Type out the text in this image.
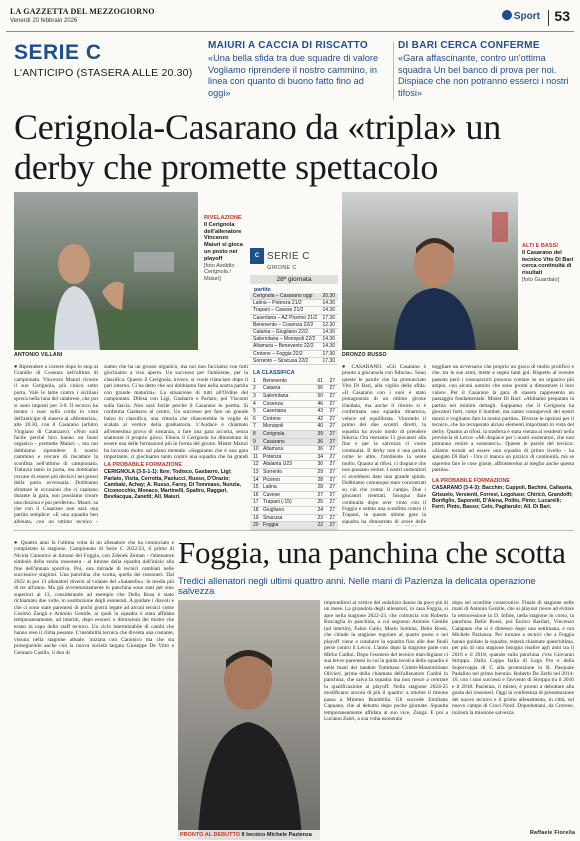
LA GAZZETTA DEL MEZZOGIORNO
Venerdì 20 febbraio 2026	Sport 53
SERIE C
L'ANTICIPO (STASERA ALLE 20.30)
MAIURI A CACCIA DI RISCATTO
«Una bella sfida tra due squadre di valore Vogliamo riprendere il nostro cammino, in linea con quanto di buono fatto fino ad oggi»
DI BARI CERCA CONFERME
«Gara affascinante, contro un'ottima squadra Un bel banco di prova per noi. Dispiace che non potranno esserci i nostri tifosi»
Cerignola-Casarano da «tripla» un derby che promette spettacolo
ANTONIO VILLANI
RIVELAZIONE
Il Cerignola dell'allenatore Vincenzo Maiuri si gioca un posto nei playoff
[foto Asdidio Cerignola / Maiuri]
C SERIE C
GIRONE C
28ª giornata
partite
Cerignola – Casarano oggi 20.30
Latina – Potenza 21/2	14.30
Trapani – Cavese 21/2	14.30
Casertana – AZ Picerno 21/2 17.30
Benevento – Cosenza 22/2 12.30
Catania – Giugliano 22/2	14.30
Salernitana – Monopoli 22/2 14.30
Altamura – Benevento 22/2 14.30
Crotone – Foggia 22/2	17.30
Sorrento – Siracusa 22/2	17.30
LA CLASSIFICA
1	Benevento	61	27
2	Catania	56	27
3	Salernitana	50	27
4	Cosenza	46	27
5	Casertana	43	27
6	Crotone	42	27
7	Monopoli	40	27
8	Cerignola	39	27
9	Casarano	36	27
10 Altamura	36	27
11 Potenza	34	27
12 Atalanta U23	30	27
13 Sorrento	29	27
14 Picerno	28	27
15 Latina	28	27
16 Cavese	27	27
17 Trapani (-15)	25	27
18 Giugliano	24	27
19 Siracusa	23	27
20 Foggia	22	27
DRONZO RUSSO
ALTI E BASSI
Il Casarano del tecnico Vito Di Bari cerca continuità di risultati
[foto Guardalo]

● Riprendere a correre dopo lo stop al Granillo di Cosenza nell'ultima di campionato. Vincenzo Maiuri rivuole il suo Cerignola, più cinico sotto porta. Vale le lame contro i siciliani spreca nella luna del calabrese, che poi si sono imposti per 3-0. Il tecnico ha tenuto i suoi sulla corda in vista dell'anticipo di stasera al «Monterisi», alle 20.30, con il Casarano (arbitro Vingiano di Catanzaro). «Non sarà facile perché loro hanno un buon organico - premette Maiuri -, ma noi dobbiamo riprendere il nostro cammino e cercare di riscattare la sconfitta nell'ultimo di campionato. Tuttavia tanto in porta, ma dobbiamo cercare di essere più decisivi nei pressi della porta avversaria. Dobbiamo sfruttare le occasioni che ci capitano durante la gara, non possiamo creare una dozzina e poi perderne». Mauri: sa che con il Casarano non sarà una partita semplice: «E una squadra ben allenata, con un ottimo tecnico -

siamo che ha un grosso organico, ma noi non facciamo con tutti giochiamo a viso aperto. Un successo per l'ambiente, per la classifica. Questo il Cerignola, invece, si vuole rilanciare dopo il pari interno. Ci ha detto che noi dobbiamo fare nella nostra partita con grande maturità». La situazione di tutti all'Ordine del campionato. Difesa con Ligi, Gasbarro e Parlato, poi Visconti sulla fascia. Non sarà facile perché il Casarano in partita. Si conferma Gasbarro al centro. Un successo per fare un grande balzo in classifica, una vittoria che rilancerebbe le voglie di scalata al vertice della graduatoria. L'Audace è chiamato all'ennesima prova di sostanza, a fare una gara accorta, senza snaturare il proprio gioco. Finora il Cerignola ha dimostrato di essere una delle formazioni più in forma del girone. Mister Maiuri ha lavorato molto sul piano mentale. «Sappiamo che è una gara importante, ci giochiamo tanto contro una squadra che ha grandi

LA PROBABILE FORMAZIONE
CERIGNOLA (3-5-1-1): Ibre; Todisco, Gasbarro, Ligi; Parlato, Visita, Cerrotta, Paolucci, Russo, D'Orazio; Cambaki, Achay; A. Russo, Faroy, Di Tommaso, Nunzia, Ciconocchio, Monaco, Martinelli, Spaltro, Raggari, Bevilacqua, Zanetti; All. Maiuri.

● CASARANO. «Gli Casarano è pronto a giocarsela con fiducia». Sono queste le parole che ha pronunciato Vito Di Bari, alla vigilia della sfida. «Il Casarano con i suoi è stato protagonista di un ottimo girone d'andata, ma anche il ritorno si è confermata una squadra dinamica, veloce ed equilibrata. Vincendo il primo dei due scontri diretti, la squadra ha avuto modo di prendere fiducia. Ora restiamo 11 giocatori alla fine e per la salvezza ci vuole continuità. Il derby non è una partita come le altre, l'ambiente la sente molto. Quanto ai tifosi, ci dispiace che non possano venire. I nostri sostenitori ci avrebbero dato una grande spinta. Dobbiamo comunque stare concentrati su ciò che conta: il campo. Due i giocatori rientrati, bisogna dare continuità dopo aver vinto con il Foggia e subito una sconfitta contro il Trapani, in queste ultime gare la squadra ha dimostrato di avere delle

toggliare un avversario che proprio un gioco di molto prolifico e che, tra le sue armi, mette a segno tanti gol. Rispetto al recente passato però i rossoazzurri possono contare su un organico più ampio, con alcuni uomini che sono pronti a dimostrare il loro valore. Per il Casarano la gara di stasera rappresenta un passaggio fondamentale. Mister Di Bari: «Abbiamo preparato la partita nei minimi dettagli. Sappiamo che il Cerignola ha giocatori forti, come il bomber, ma siamo consapevoli dei nostri mezzi e vogliamo fare la nostra partita». Diverse le opzioni per il tecnico, che ha recuperato alcuni elementi importanti in vista del derby. Quanto ai tifosi, la trasferta è stata vietata ai residenti nella provincia di Lecce. «Mi dispiace per i nostri sostenitori, che non potranno venire a sostenerci». Queste le parole del tecnico: «Siamo tornati ad essere una squadra di primo livello - ha spiegato Di Bari - Ora ci manca un pizzico di continuità, ma se sapremo fare le cose giuste, affronteremo al meglio anche questa partita».

LA PROBABILE FORMAZIONE
CASARANO (3-4-3): Bacchin; Cuppoli, Bachini, Callaoria, Gitsuelo, Versienti, Forresi, Logoluso; Chiricò, Grandolfi; Bonfiglio, Saporetti, D'Alena, Polito, Pinto; Lucarelli; Ferri; Pinto, Basso; Celo, Pagliarulo; All. Di Bari.
Foggia, una panchina che scotta
Tredici allenatori negli ultimi quattro anni. Nelle mani di Pazienza la delicata operazione salvezza

● Quattro anni fa l'ultima volta di un allenatore che ha cominciato e completato la stagione. Campionato di Serie C 2022/23, il primo di Nicola Canonico al timone del Foggia, con Zdenek Zeman - l'allenatore simbolo della storia rossonera - al timone della squadra dall'inizio alla fine dell'annata sportiva. Poi, una miriade di tecnici cambiati nelle successive stagioni. Una panchina che scotta, quella dei rossoneri. Dal 2022 in poi 13 allenatori diversi al volante del «Satanello»: in media più di tre all'anno. Ma già avventuratamente in panchina sono stati per sino superiori ai 13, considerando ad esempio che Della Rosa è stato richiamato due volte, in sostituzione degli esonerati. A guidare i diavoli e che ci sono state parentesi di pochi giorni legate ad alcuni tecnici come Cosimo Zangà e Antonio Gentile, ai quali la squadra è stata affidata temporaneamente, ad interim, dopo esoneri o dimissioni dei mister che erano in capo dello staff tecnico. Un ciclo interminabile di cambi che hanno reso il clima pesante. L'instabilità tecnica che diventa una costante, vissuta nella stagione attuale, iniziata con Canonico ma che sta proseguendo anche con la nuova società targata Giuseppe De Vitto e Gennaro Casillo, il duo di

PRONTO AL DEBUTTO Il tecnico Michele Pazienza

imprenditori al vertice del sodalizio dauno da poco più di un mese. La girandola degli allenatori, in casa Foggia, si apre nella stagione 2022-23, che comincia con Roberto Boscaglia in panchina, a cui seguono Antonio Gentile (ad interim), Fabio Gallo, Mario Somma, Delio Rossi, che chiude la stagione regolare al quarto posto e nei playoff viene a condurre la squadra fino alle due finali perse contro il Lecco. L'anno dopo la stagione parte con Mirko Cudini. Dopo l'esonero del tecnico marchigiano ci sua breve parentesi in cui la guida tecnica della squadra è nelle mani del tandem Tommaso Coletti-Massimiliano Olivieri, prima della chiamata dell'allenatore Cudini in panchina, che salva la squadra ma non riesce a centrare la qualificazione ai playoff. Nella stagione 2024-25 modificano ancora di più il quadro: a ottobre il timone passa a Mimmo Brambilla. Gli succede Emiliano Capuano, che al debutto dopo poche giornate. Squadra temporaneamente affidata al suo vice, Zanga. E poi a Luciano Zauri, a sua volta esonerato

dopo sei sconfitte consecutive. Finale di stagione nelle mani di Antonio Gentile, che ai playout riesce ad evitare la retrocessione in D. Infine, nella stagione in corso, la panchina Delio Rossi, poi Enrico Barilari, Vincenzo Catapano che si è dimesso dopo una settimana, e ora Michele Pazienza. Per tornare a tecnici che a Foggia hanno guidato la squadra, resterà chiamate quest'ultima, per più di una stagione bisogna risalire agli anni tra il 2016 e il 2018, quando sulla panchina c'era Giovanni Stroppa. Dalla Coppa Italia di Lega Pro e della Supercoppa di C alla promozione in B. Pasquale Padalino nel primo biennio. Roberto De Zerbi nel 2014-16, con i suoi successi e l'avvento di Stroppa tra il 2016 e il 2018. Pazienza, il mister, è pronto a debuttare alla guida dei rossoneri. Oggi la conferenza di presentazione del nuovo tecnico e il primo allenamento, in città, sul nuovo campo di Croci Nord. Dopodomani, da Crotone, inizierà la missione salvezza.

Raffaele Fiorella
